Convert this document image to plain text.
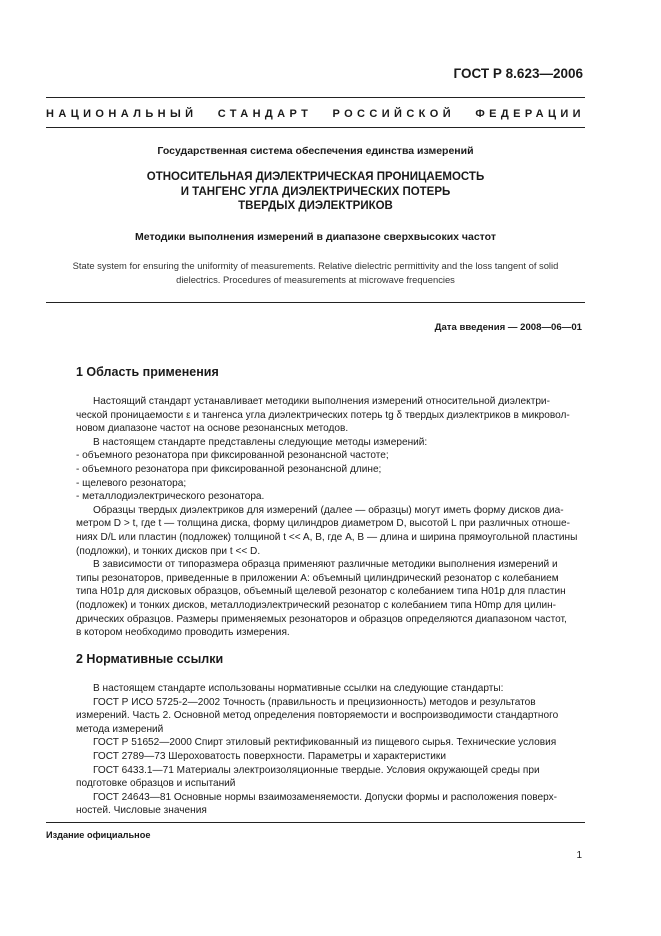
ГОСТ Р 8.623—2006
НАЦИОНАЛЬНЫЙ СТАНДАРТ РОССИЙСКОЙ ФЕДЕРАЦИИ
Государственная система обеспечения единства измерений
ОТНОСИТЕЛЬНАЯ ДИЭЛЕКТРИЧЕСКАЯ ПРОНИЦАЕМОСТЬ
И ТАНГЕНС УГЛА ДИЭЛЕКТРИЧЕСКИХ ПОТЕРЬ
ТВЕРДЫХ ДИЭЛЕКТРИКОВ
Методики выполнения измерений в диапазоне сверхвысоких частот
State system for ensuring the uniformity of measurements. Relative dielectric permittivity and the loss tangent of solid
dielectrics. Procedures of measurements at microwave frequencies
Дата введения — 2008—06—01
1 Область применения
Настоящий стандарт устанавливает методики выполнения измерений относительной диэлектри-
ческой проницаемости ε и тангенса угла диэлектрических потерь tg δ твердых диэлектриков в микровол-
новом диапазоне частот на основе резонансных методов.
В настоящем стандарте представлены следующие методы измерений:
- объемного резонатора при фиксированной резонансной частоте;
- объемного резонатора при фиксированной резонансной длине;
- щелевого резонатора;
- металлодиэлектрического резонатора.
Образцы твердых диэлектриков для измерений (далее — образцы) могут иметь форму дисков диа-
метром D > t, где t — толщина диска, форму цилиндров диаметром D, высотой L при различных отноше-
ниях D/L или пластин (подложек) толщиной t << A, B, где A, B — длина и ширина прямоугольной пластины
(подложки), и тонких дисков при t << D.
В зависимости от типоразмера образца применяют различные методики выполнения измерений и
типы резонаторов, приведенные в приложении А: объемный цилиндрический резонатор с колебанием
типа H01p для дисковых образцов, объемный щелевой резонатор с колебанием типа H01p для пластин
(подложек) и тонких дисков, металлодиэлектрический резонатор с колебанием типа H0mp для цилин-
дрических образцов. Размеры применяемых резонаторов и образцов определяются диапазоном частот,
в котором необходимо проводить измерения.
2 Нормативные ссылки
В настоящем стандарте использованы нормативные ссылки на следующие стандарты:
ГОСТ Р ИСО 5725-2—2002 Точность (правильность и прецизионность) методов и результатов
измерений. Часть 2. Основной метод определения повторяемости и воспроизводимости стандартного
метода измерений
ГОСТ Р 51652—2000 Спирт этиловый ректификованный из пищевого сырья. Технические условия
ГОСТ 2789—73 Шероховатость поверхности. Параметры и характеристики
ГОСТ 6433.1—71 Материалы электроизоляционные твердые. Условия окружающей среды при
подготовке образцов и испытаний
ГОСТ 24643—81 Основные нормы взаимозаменяемости. Допуски формы и расположения поверх-
ностей. Числовые значения
Издание официальное
1
